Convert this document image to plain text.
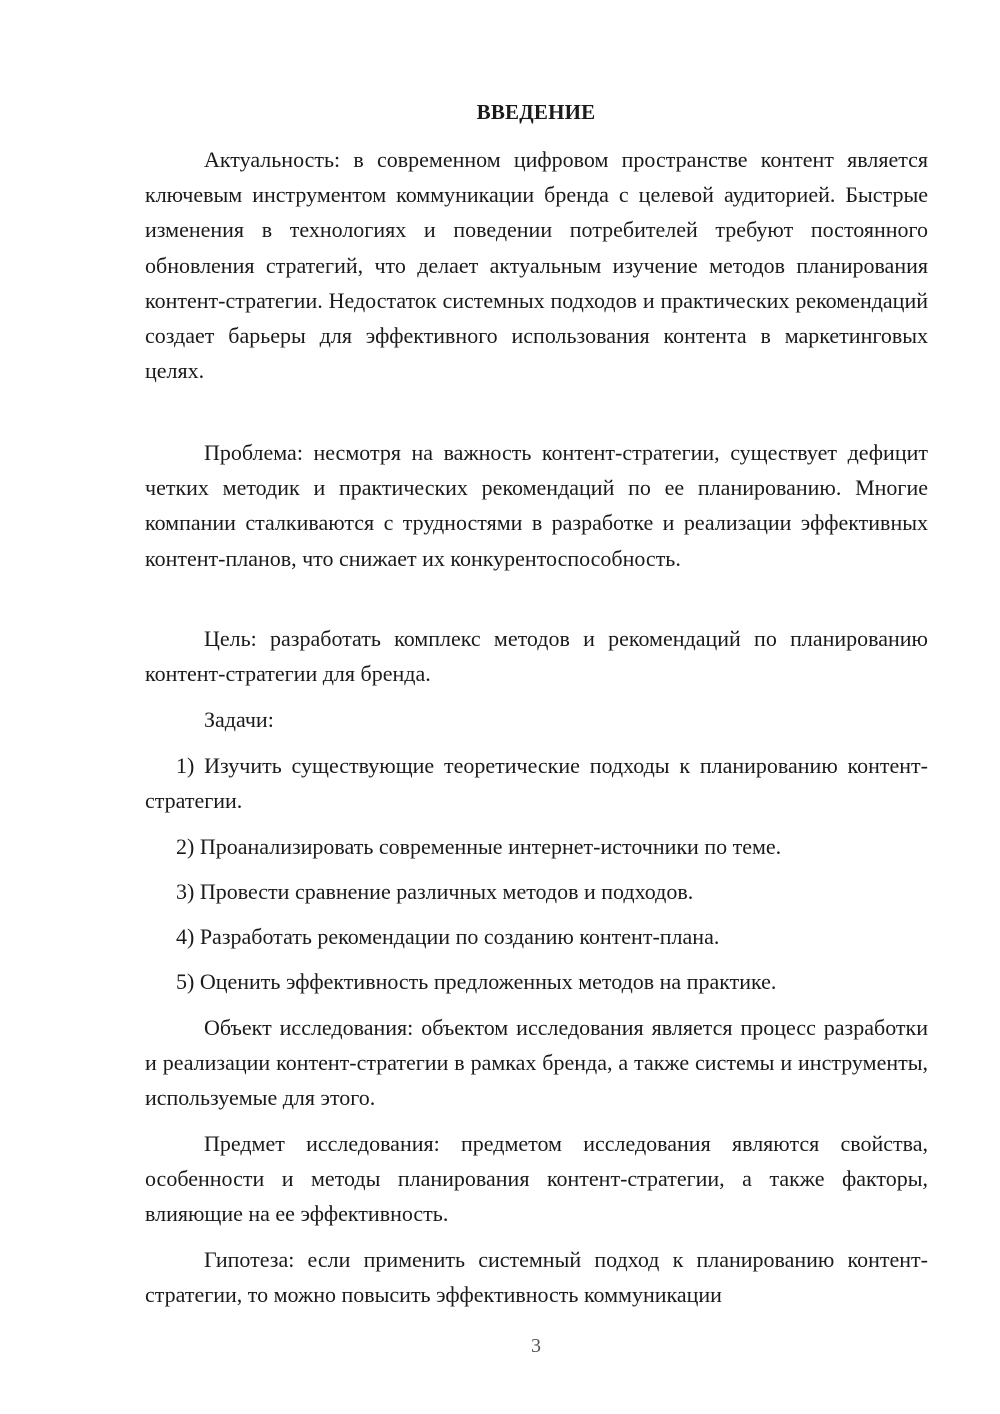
ВВЕДЕНИЕ

Актуальность: в современном цифровом пространстве контент является ключевым инструментом коммуникации бренда с целевой аудиторией. Быстрые изменения в технологиях и поведении потребителей требуют постоянного обновления стратегий, что делает актуальным изучение методов планирования контент-стратегии. Недостаток системных подходов и практических рекомендаций создает барьеры для эффективного использования контента в маркетинговых целях.

Проблема: несмотря на важность контент-стратегии, существует дефицит четких методик и практических рекомендаций по ее планированию. Многие компании сталкиваются с трудностями в разработке и реализации эффективных контент-планов, что снижает их конкурентоспособность.

Цель: разработать комплекс методов и рекомендаций по планированию контент-стратегии для бренда.

Задачи:

1) Изучить существующие теоретические подходы к планированию контент-стратегии.

2) Проанализировать современные интернет-источники по теме.

3) Провести сравнение различных методов и подходов.

4) Разработать рекомендации по созданию контент-плана.

5) Оценить эффективность предложенных методов на практике.

Объект исследования: объектом исследования является процесс разработки и реализации контент-стратегии в рамках бренда, а также системы и инструменты, используемые для этого.

Предмет исследования: предметом исследования являются свойства, особенности и методы планирования контент-стратегии, а также факторы, влияющие на ее эффективность.

Гипотеза: если применить системный подход к планированию контент-стратегии, то можно повысить эффективность коммуникации

3
